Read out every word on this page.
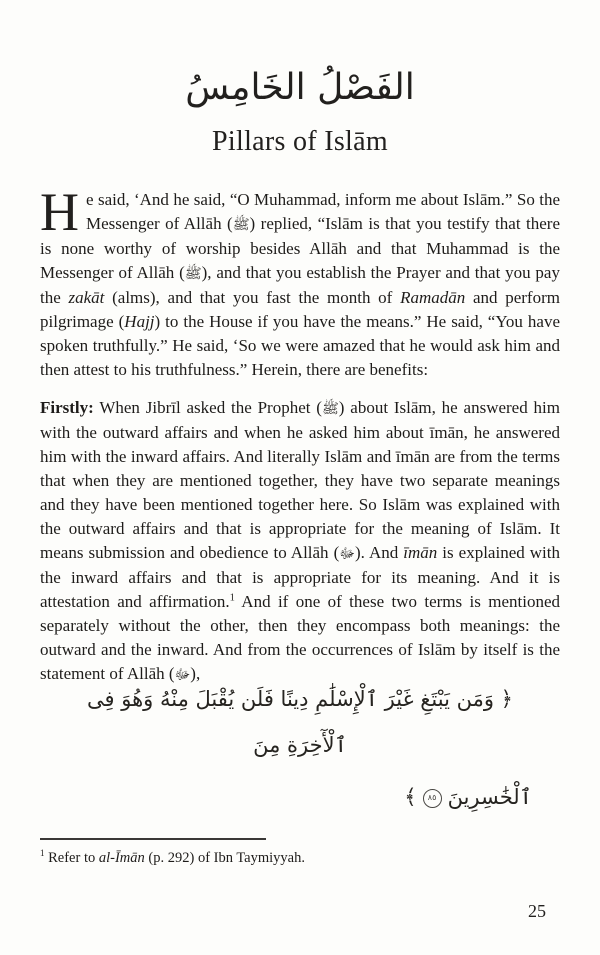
الفَصْلُ الخَامِسُ
Pillars of Islām
He said, ‘And he said, “O Muhammad, inform me about Islām.” So the Messenger of Allāh (ﷺ) replied, “Islām is that you testify that there is none worthy of worship besides Allāh and that Muhammad is the Messenger of Allāh (ﷺ), and that you establish the Prayer and that you pay the zakāt (alms), and that you fast the month of Ramadān and perform pilgrimage (Hajj) to the House if you have the means.” He said, “You have spoken truthfully.” He said, ‘So we were amazed that he would ask him and then attest to his truthfulness.” Herein, there are benefits:
Firstly: When Jibrīl asked the Prophet (ﷺ) about Islām, he answered him with the outward affairs and when he asked him about īmān, he answered him with the inward affairs. And literally Islām and īmān are from the terms that when they are mentioned together, they have two separate meanings and they have been mentioned together here. So Islām was explained with the outward affairs and that is appropriate for the meaning of Islām. It means submission and obedience to Allāh (ﷻ). And īmān is explained with the inward affairs and that is appropriate for its meaning. And it is attestation and affirmation.$^1$ And if one of these two terms is mentioned separately without the other, then they encompass both meanings: the outward and the inward. And from the occurrences of Islām by itself is the statement of Allāh (ﷻ),
﴿ وَمَن يَبْتَغِ غَيْرَ ٱلْإِسْلَٰمِ دِينًا فَلَن يُقْبَلَ مِنْهُ وَهُوَ فِى ٱلْأٓخِرَةِ مِنَ
ٱلْخَٰسِرِينَ٨٥﴾
$^1$ Refer to al-Īmān (p. 292) of Ibn Taymiyyah.
25
